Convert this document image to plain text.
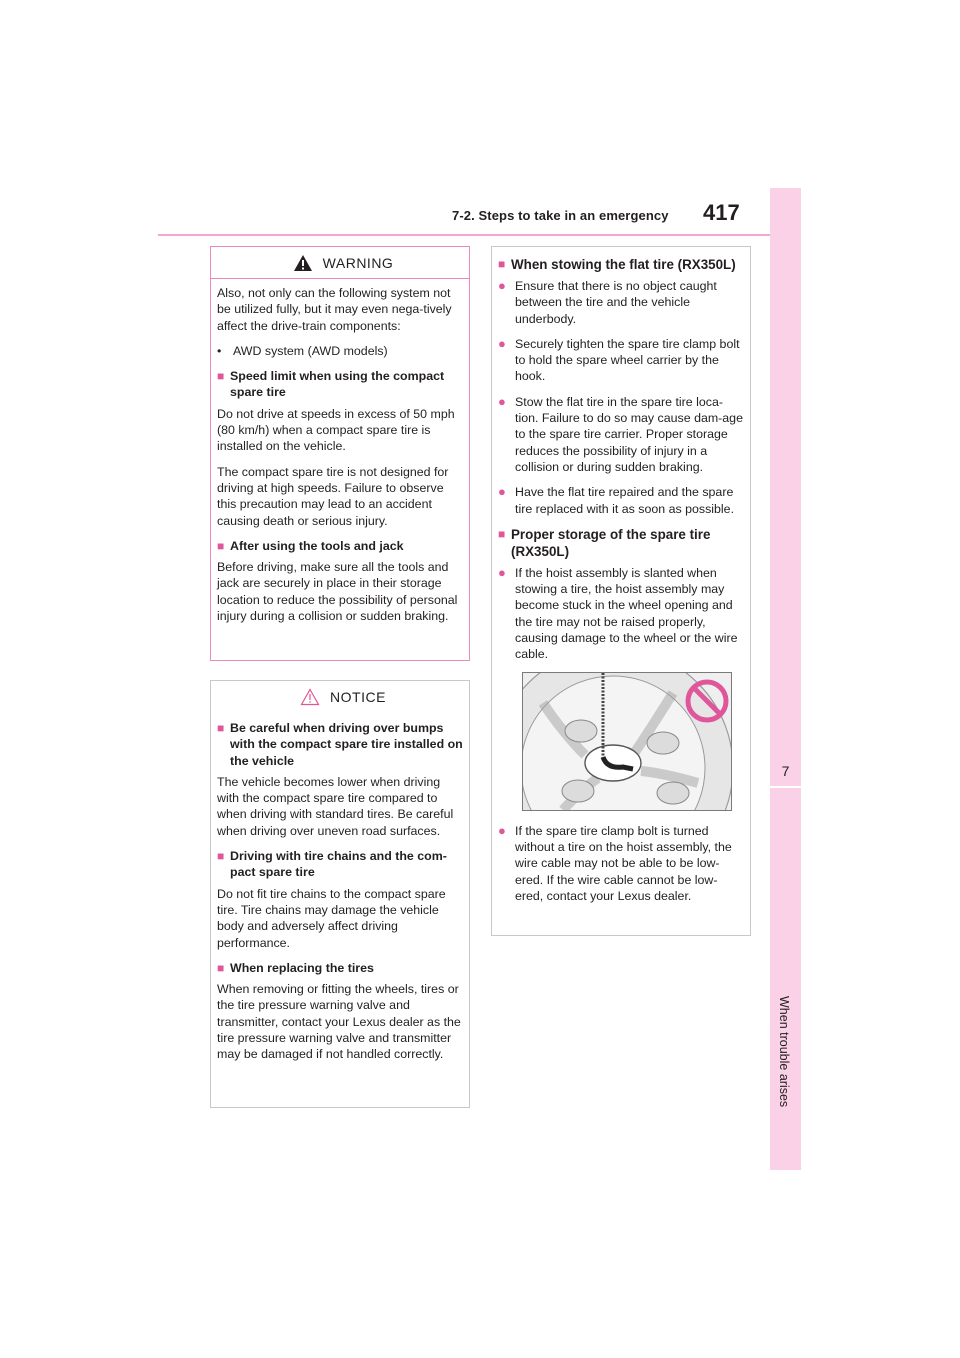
7-2. Steps to take in an emergency 417
7
When trouble arises
WARNING

Also, not only can the following system not be utilized fully, but it may even nega-tively affect the drive-train components:

• AWD system (AWD models)
■ Speed limit when using the compact spare tire

Do not drive at speeds in excess of 50 mph (80 km/h) when a compact spare tire is installed on the vehicle.

The compact spare tire is not designed for driving at high speeds. Failure to observe this precaution may lead to an accident causing death or serious injury.

■ After using the tools and jack

Before driving, make sure all the tools and jack are securely in place in their storage location to reduce the possibility of personal injury during a collision or sudden braking.

NOTICE
■ Be careful when driving over bumps with the compact spare tire installed on the vehicle

The vehicle becomes lower when driving with the compact spare tire compared to when driving with standard tires. Be careful when driving over uneven road surfaces.

■ Driving with tire chains and the com-pact spare tire

Do not fit tire chains to the compact spare tire. Tire chains may damage the vehicle body and adversely affect driving performance.

■ When replacing the tires

When removing or fitting the wheels, tires or the tire pressure warning valve and transmitter, contact your Lexus dealer as the tire pressure warning valve and transmitter may be damaged if not handled correctly.

■ When stowing the flat tire (RX350L)
● Ensure that there is no object caught between the tire and the vehicle underbody.
● Securely tighten the spare tire clamp bolt to hold the spare wheel carrier by the hook.
● Stow the flat tire in the spare tire loca-tion. Failure to do so may cause dam-age to the spare tire carrier. Proper storage reduces the possibility of injury in a collision or during sudden braking.
● Have the flat tire repaired and the spare tire replaced with it as soon as possible.
■ Proper storage of the spare tire (RX350L)
● If the hoist assembly is slanted when stowing a tire, the hoist assembly may become stuck in the wheel opening and the tire may not be raised properly, causing damage to the wheel or the wire cable.
● If the spare tire clamp bolt is turned without a tire on the hoist assembly, the wire cable may not be able to be low-ered. If the wire cable cannot be low-ered, contact your Lexus dealer.
